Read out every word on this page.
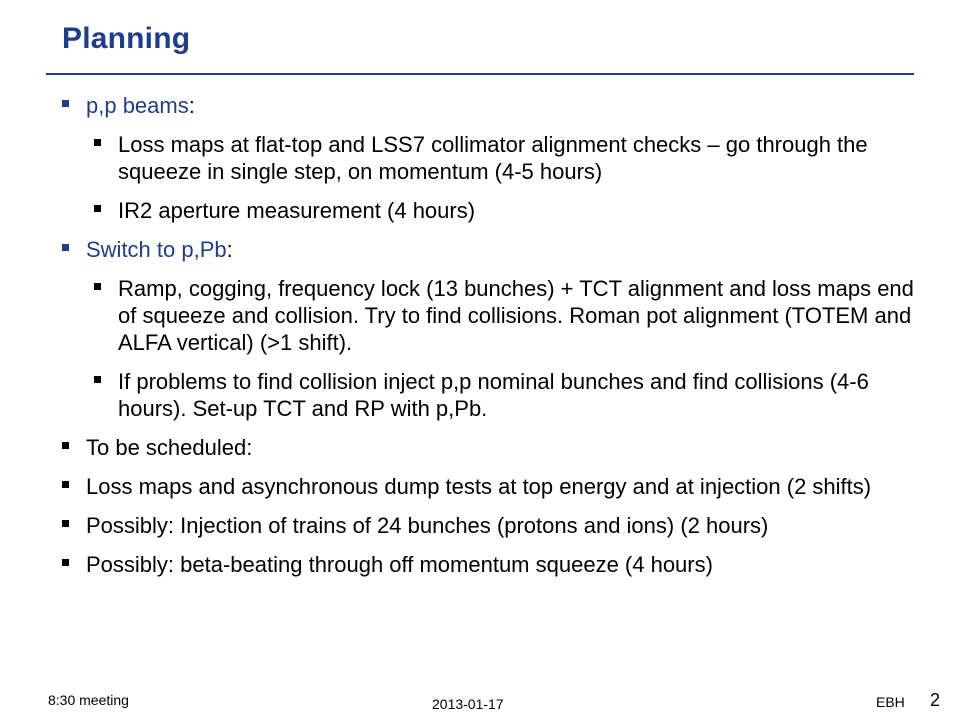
Planning
p,p beams:
Loss maps at flat-top and LSS7 collimator alignment checks – go through the squeeze in single step, on momentum (4-5 hours)
IR2 aperture measurement (4 hours)
Switch to p,Pb:
Ramp, cogging, frequency lock (13 bunches) + TCT alignment and loss maps end of squeeze and collision. Try to find collisions. Roman pot alignment (TOTEM and ALFA vertical) (>1 shift).
If problems to find collision inject p,p nominal bunches and find collisions (4-6 hours). Set-up TCT and RP with p,Pb.
To be scheduled:
Loss maps and asynchronous dump tests at top energy and at injection (2 shifts)
Possibly: Injection of trains of 24 bunches (protons and ions) (2 hours)
Possibly: beta-beating through off momentum squeeze (4 hours)
8:30 meeting	2013-01-17	EBH 2
